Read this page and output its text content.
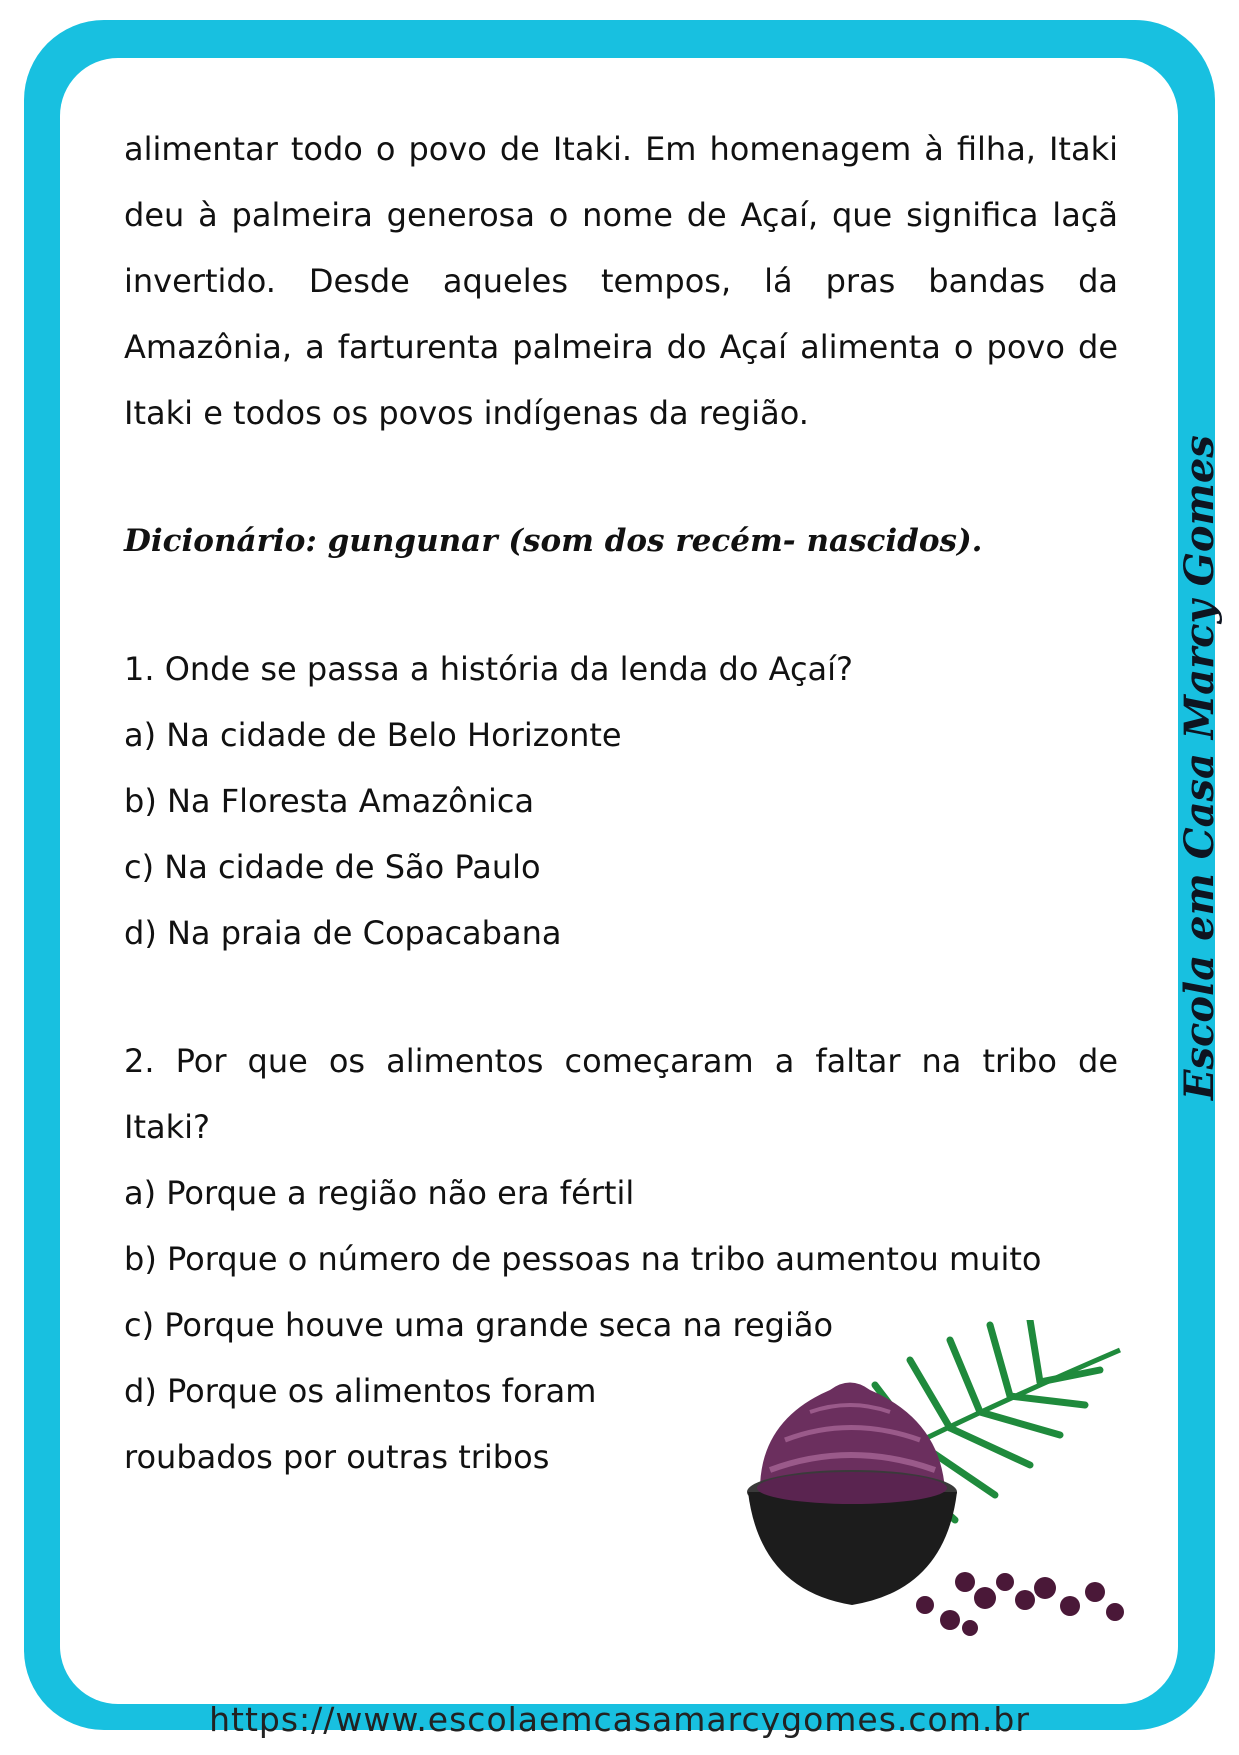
alimentar todo o povo de Itaki. Em homenagem à filha, Itaki
deu à palmeira generosa o nome de Açaí, que significa laçã
invertido. Desde aqueles tempos, lá pras bandas da
Amazônia, a farturenta palmeira do Açaí alimenta o povo de
Itaki e todos os povos indígenas da região.
Dicionário: gungunar (som dos recém- nascidos).
1. Onde se passa a história da lenda do Açaí?
a) Na cidade de Belo Horizonte
b) Na Floresta Amazônica
c) Na cidade de São Paulo
d) Na praia de Copacabana
2. Por que os alimentos começaram a faltar na tribo de
Itaki?
a) Porque a região não era fértil
b) Porque o número de pessoas na tribo aumentou muito
c) Porque houve uma grande seca na região
d) Porque os alimentos foram
roubados por outras tribos
Escola em Casa Marcy Gomes
https://www.escolaemcasamarcygomes.com.br
